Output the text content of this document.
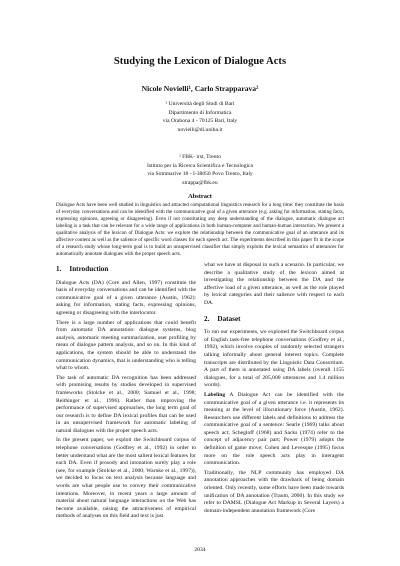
Studying the Lexicon of Dialogue Acts
Nicole Novielli¹, Carlo Strapparava²
¹ Università degli Studi di Bari
Dipartimento di Informatica
via Orabona 4 - 70125 Bari, Italy
novielli@di.uniba.it
² FBK- irst, Trento
Istituto per la Ricerca Scientifica e Tecnologica
via Sommarive 18 - I-38050 Povo Trento, Italy
strappa@fbk.eu
Abstract
Dialogue Acts have been well studied in linguistics and attracted computational linguistics research for a long time: they constitute the basis of everyday conversations and can be identified with the communicative goal of a given utterance (e.g. asking for information, stating facts, expressing opinions, agreeing or disagreeing). Even if not constituting any deep understanding of the dialogue, automatic dialogue act labeling is a task that can be relevant for a wide range of applications in both human-computer and human-human interaction. We present a qualitative analysis of the lexicon of Dialogue Acts: we explore the relationship between the communicative goal of an utterance and its affective content as well as the salience of specific word classes for each speech act. The experiments described in this paper fit in the scope of a research study whose long-term goal is to build an unsupervised classifier that simply exploits the lexical semantics of utterances for automatically annotate dialogues with the proper speech acts.
1. Introduction

Dialogue Acts (DA) (Core and Allen, 1997) constitute the basis of everyday conversations and can be identified with the communicative goal of a given utterance (Austin, 1962): asking for information, stating facts, expressing opinions, agreeing or disagreeing with the interlocutor.

There is a large number of applications that could benefit from automatic DA annotation: dialogue systems, blog analysis, automatic meeting summarization, user profiling by mean of dialogue pattern analysis, and so on. In this kind of applications, the system should be able to understand the communication dynamics, that is understanding who is telling what to whom.

The task of automatic DA recognition has been addressed with promising results by studies developed in supervised frameworks (Stolcke et al., 2000; Samuel et al., 1998; Reithinger et al., 1996). Rather than improving the performance of supervised approaches, the long term goal of our research is to define DA lexical profiles that can be used in an unsupervised framework for automatic labeling of natural dialogues with the proper speech acts.

In the present paper, we exploit the Switchboard corpus of telephone conversations (Godfrey et al., 1992) in order to better understand what are the most salient lexical features for each DA. Even if prosody and intonation surely play a role (see, for example (Stolcke et al., 2000; Warnke et al., 1997)), we decided to focus on text analysis because language and words are what people use to convey their communicative intentions. Moreover, in recent years a large amount of material about natural language interactions on the Web has become available, raising the attractiveness of empirical methods of analyses on this field and text is just

what we have at disposal in such a scenario. In particular, we describe a qualitative study of the lexicon aimed at investigating the relationship between the DA and the affective load of a given utterance, as well as the role played by lexical categories and their salience with respect to each DA.

2. Dataset

To run our experiments, we exploited the Switchboard corpus of English task-free telephone conversations (Godfrey et al., 1992), which involve couples of randomly selected strangers talking informally about general interest topics. Complete transcripts are distributed by the Linguistic Data Consortium. A part of them is annotated using DA labels (overall 1155 dialogues, for a total of 205,000 utterances and 1.4 million words).

Labeling A Dialogue Act can be identified with the communicative goal of a given utterance i.e. it represents its meaning at the level of illocutionary force (Austin, 1962). Researchers use different labels and definitions to address the communicative goal of a sentence: Searle (1969) talks about speech act; Schegloff (1968) and Sacks (1974) refer to the concept of adjacency pair part; Power (1979) adopts the definition of game move; Cohen and Levesque (1995) focus more on the role speech acts play in interagent communication.

Traditionally, the NLP community has employed DA annotation approaches with the drawback of being domain oriented. Only recently, some efforts have been made towards unification of DA annotation (Traum, 2000). In this study we refer to DAMSL (Dialogue Act Markup in Several Layers) a domain-independent annotation framework (Core

2034
